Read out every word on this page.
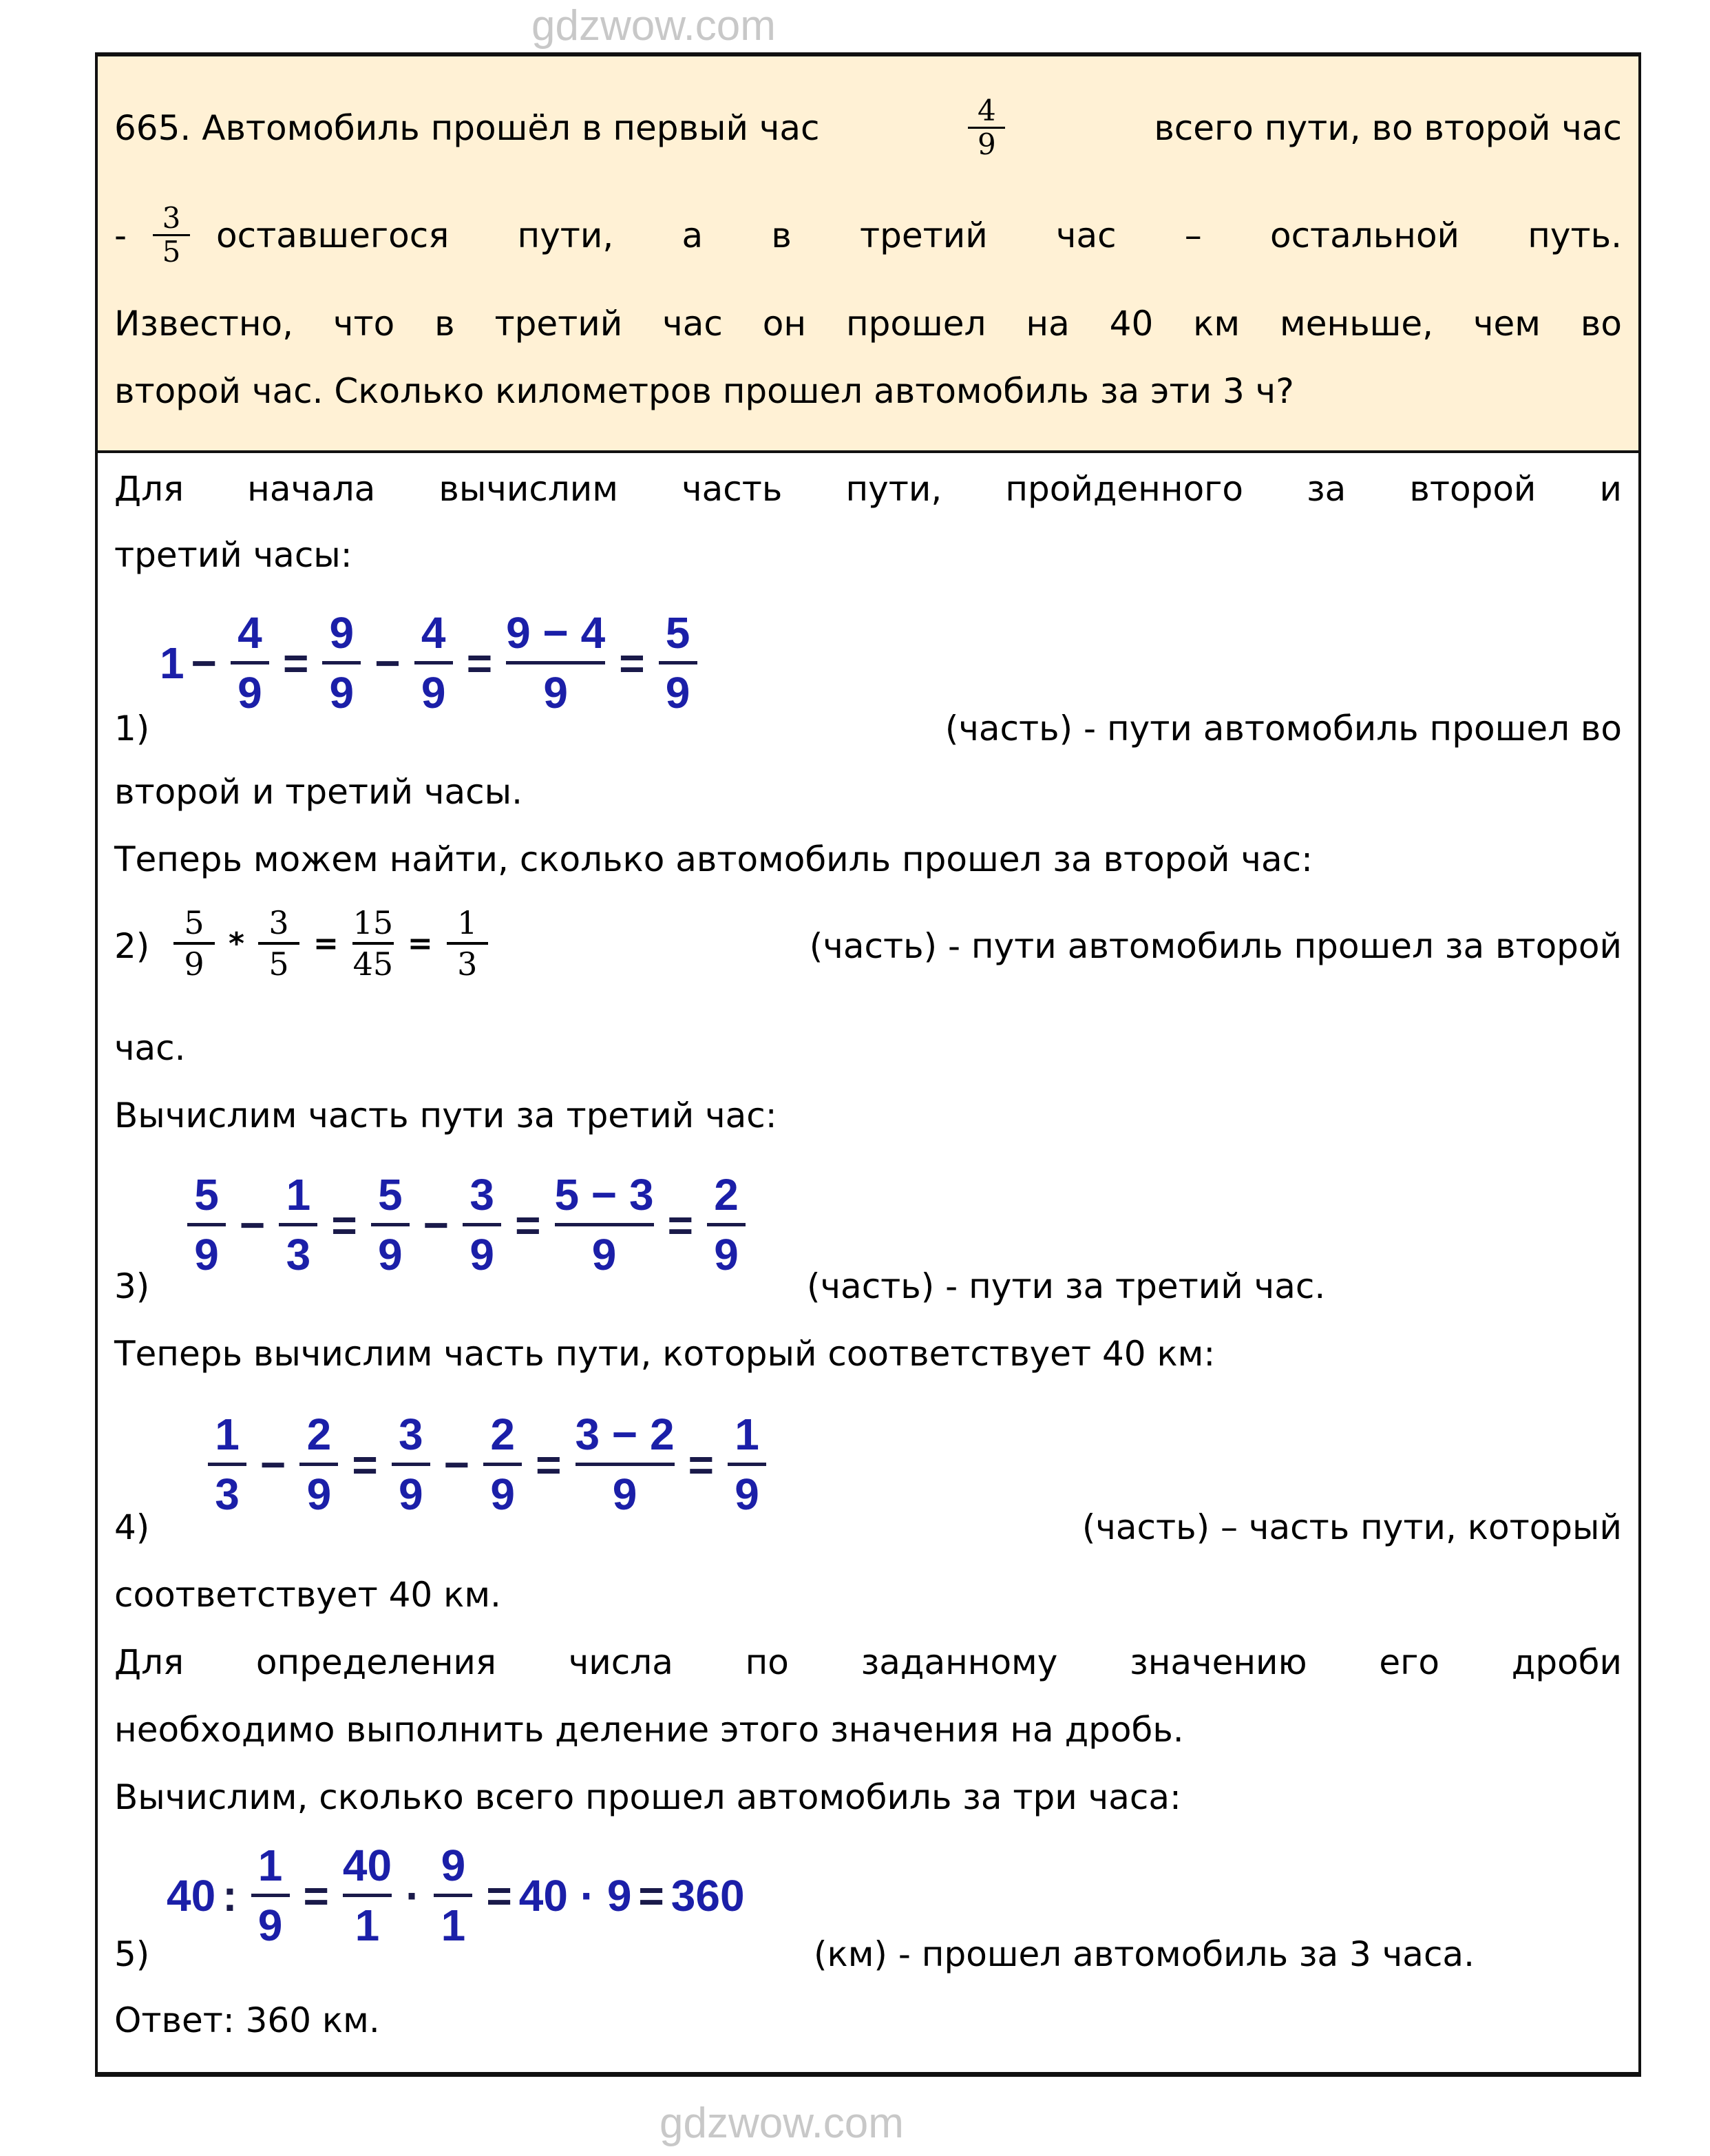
gdzwow.com
gdzwow.com
665. Автомобиль прошёл в первый час	$\frac{4}{9}$	всего пути, во второй час
- $\frac{3}{5}$ оставшегося пути, а в третий час – остальной путь.
Известно, что в третий час он прошел на 40 км меньше, чем во
второй час. Сколько километров прошел автомобиль за эти 3 ч?
Для начала вычислим часть пути, пройденного за второй и
третий часы:
1)
1 −
4
9
=
9
9
−
4
9
=
9 − 4
9
=
5
9
(часть) - пути автомобиль прошел во
второй и третий часы.
Теперь можем найти, сколько автомобиль прошел за второй час:
2)
5
9
*
3
5
=
15
45
=
1
3	(часть) - пути автомобиль прошел за второй
час.
Вычислим часть пути за третий час:
3)
5
9
−
1
3
=
5
9
−
3
9
=
5 − 3
9
=
2
9
(часть) - пути за третий час.
Теперь вычислим часть пути, который соответствует 40 км:
4)
1
3
−
2
9
=
3
9
−
2
9
=
3 − 2
9
=
1
9
(часть) – часть пути, который
соответствует 40 км.
Для определения числа по заданному значению его дроби
необходимо выполнить деление этого значения на дробь.
Вычислим, сколько всего прошел автомобиль за три часа:
5)
40 :
1
9
=
40
1
·
9
1
= 40 · 9 = 360
(км) - прошел автомобиль за 3 часа.
Ответ: 360 км.
